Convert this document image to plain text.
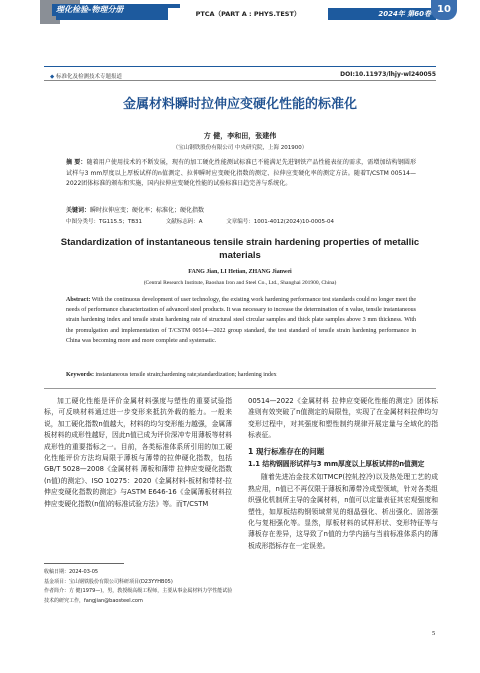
理化检验-物理分册	PTCA（PART A : PHYS.TEST）	2024年 第60卷 10
◆ 标准化及检测技术专题报道	DOI:10.11973/lhjy-wl240055
金属材料瞬时拉伸应变硬化性能的标准化
方 健，李和田，张建伟
（宝山钢铁股份有限公司 中央研究院，上海 201900）
摘 要：随着用户使用技术的不断发展，现有的加工硬化性能测试标准已不能满足先进钢铁产品性能表征的需求，需增加结构钢圆形试样与3 mm厚度以上厚板试样的n值测定、拉伸瞬时应变硬化指数的测定、拉伸应变硬化率的测定方法。随着T/CSTM 00514—2022团体标准的颁布和实施，国内拉伸应变硬化性能的试验标准日趋完善与系统化。
关键词：瞬时拉伸应变；硬化率；标准化；硬化指数
中图分类号：TG115.5；TB31	文献标志码：A	文章编号：1001-4012(2024)10-0005-04
Standardization of instantaneous tensile strain hardening properties of metallic materials
FANG Jian, LI Hetian, ZHANG Jianwei
(Central Research Institute, Baoshan Iron and Steel Co., Ltd., Shanghai 201900, China)
Abstract: With the continuous development of user technology, the existing work hardening performance test standards could no longer meet the needs of performance characterization of advanced steel products. It was necessary to increase the determination of n value, tensile instantaneous strain hardening index and tensile strain hardening rate of structural steel circular samples and thick plate samples above 3 mm thickness. With the promulgation and implementation of T/CSTM 00514—2022 group standard, the test standard of tensile strain hardening performance in China was becoming more and more complete and systematic.
Keywords: instantaneous tensile strain;hardening rate;standardization; hardening index

加工硬化性能是评价金属材料强度与塑性的重要试验指标，可反映材料通过进一步变形来抵抗外载的能力。一般来说，加工硬化指数n值越大，材料的均匀变形能力越强，金属薄板材料的成形性越好，因此n值已成为评价深冲专用薄板等材料成形性的重要指标之一。目前，各类标准体系所引用的加工硬化性能评价方法均局限于薄板与薄带的拉伸硬化指数，包括GB/T 5028—2008《金属材料 薄板和薄带 拉伸应变硬化指数(n值)的测定》、ISO 10275：2020《金属材料-板材和带材-拉伸应变硬化指数的测定》与ASTM E646-16《金属薄板材料拉伸应变硬化指数(n值)的标准试验方法》等。而T/CSTM

00514—2022《金属材料 拉伸应变硬化性能的测定》团体标准则有效突破了n值测定的局限性，实现了在金属材料拉伸均匀变形过程中，对其强度和塑性制约规律开展定量与全域化的指标表征。

1 现行标准存在的问题
1.1 结构钢圆形试样与3 mm厚度以上厚板试样的n值测定

随着先进冶金技术如TMCP(控轧控冷)以及热处理工艺的成熟应用，n值已不再仅限于薄板和薄带冷成型领域，针对各类组织强化机制所主导的金属材料，n值可以定量表征其宏观强度和塑性，如厚板结构钢领域常见的细晶强化、析出强化、固溶强化与复相强化等。显然，厚板材料的试样形状、变形特征等与薄板存在差异，这导致了n值的力学内涵与当前标准体系内的薄板成形指标存在一定误差。

收稿日期：2024-03-05
基金项目：宝山钢铁股份有限公司科研项目(D23YYHB05)
作者简介：方 健(1979—)，男，教授级高级工程师，主要从事金属材料力学性能试验技术的研究工作，fangjian@baosteel.com
5
